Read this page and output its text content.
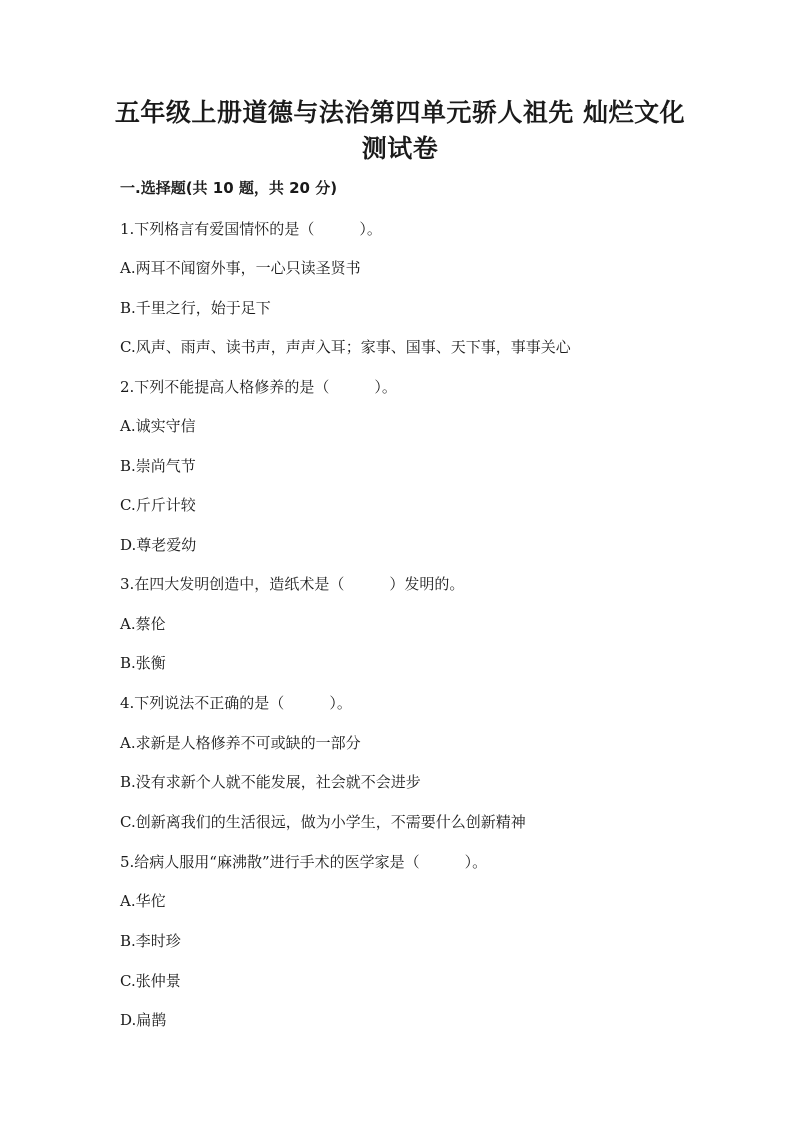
五年级上册道德与法治第四单元骄人祖先 灿烂文化
测试卷
一.选择题(共 10 题，共 20 分)
1.下列格言有爱国情怀的是（　　　）。
A.两耳不闻窗外事，一心只读圣贤书
B.千里之行，始于足下
C.风声、雨声、读书声，声声入耳；家事、国事、天下事，事事关心
2.下列不能提高人格修养的是（　　　）。
A.诚实守信
B.崇尚气节
C.斤斤计较
D.尊老爱幼
3.在四大发明创造中，造纸术是（　　　）发明的。
A.蔡伦
B.张衡
4.下列说法不正确的是（　　　）。
A.求新是人格修养不可或缺的一部分
B.没有求新个人就不能发展，社会就不会进步
C.创新离我们的生活很远，做为小学生，不需要什么创新精神
5.给病人服用“麻沸散”进行手术的医学家是（　　　）。
A.华佗
B.李时珍
C.张仲景
D.扁鹊
